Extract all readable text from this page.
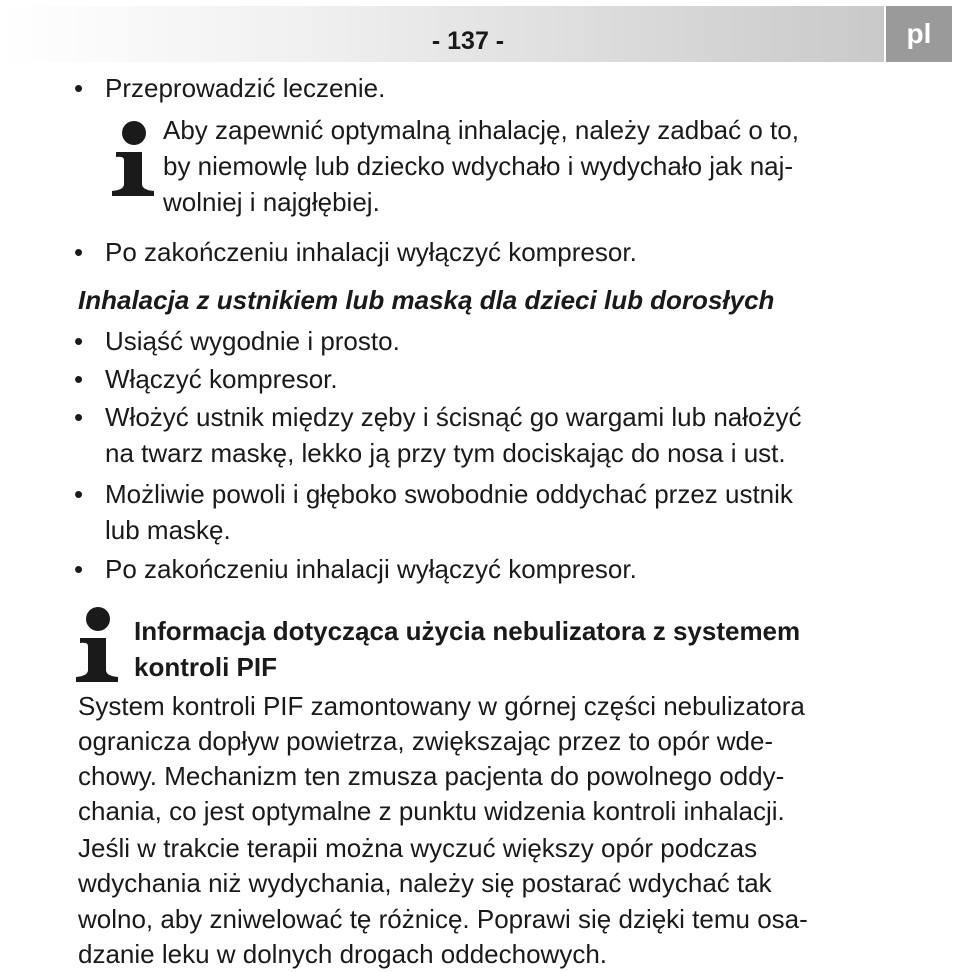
- 137 -	pl
• Przeprowadzić leczenie.
Aby zapewnić optymalną inhalację, należy zadbać o to,
by niemowlę lub dziecko wdychało i wydychało jak naj-
wolniej i najgłębiej.
• Po zakończeniu inhalacji wyłączyć kompresor.
Inhalacja z ustnikiem lub maską dla dzieci lub dorosłych
• Usiąść wygodnie i prosto.
• Włączyć kompresor.
• Włożyć ustnik między zęby i ścisnąć go wargami lub nałożyć
na twarz maskę, lekko ją przy tym dociskając do nosa i ust.
• Możliwie powoli i głęboko swobodnie oddychać przez ustnik
lub maskę.
• Po zakończeniu inhalacji wyłączyć kompresor.
Informacja dotycząca użycia nebulizatora z systemem
kontroli PIF
System kontroli PIF zamontowany w górnej części nebulizatora
ogranicza dopływ powietrza, zwiększając przez to opór wde-
chowy. Mechanizm ten zmusza pacjenta do powolnego oddy-
chania, co jest optymalne z punktu widzenia kontroli inhalacji.
Jeśli w trakcie terapii można wyczuć większy opór podczas
wdychania niż wydychania, należy się postarać wdychać tak
wolno, aby zniwelować tę różnicę. Poprawi się dzięki temu osa-
dzanie leku w dolnych drogach oddechowych.
